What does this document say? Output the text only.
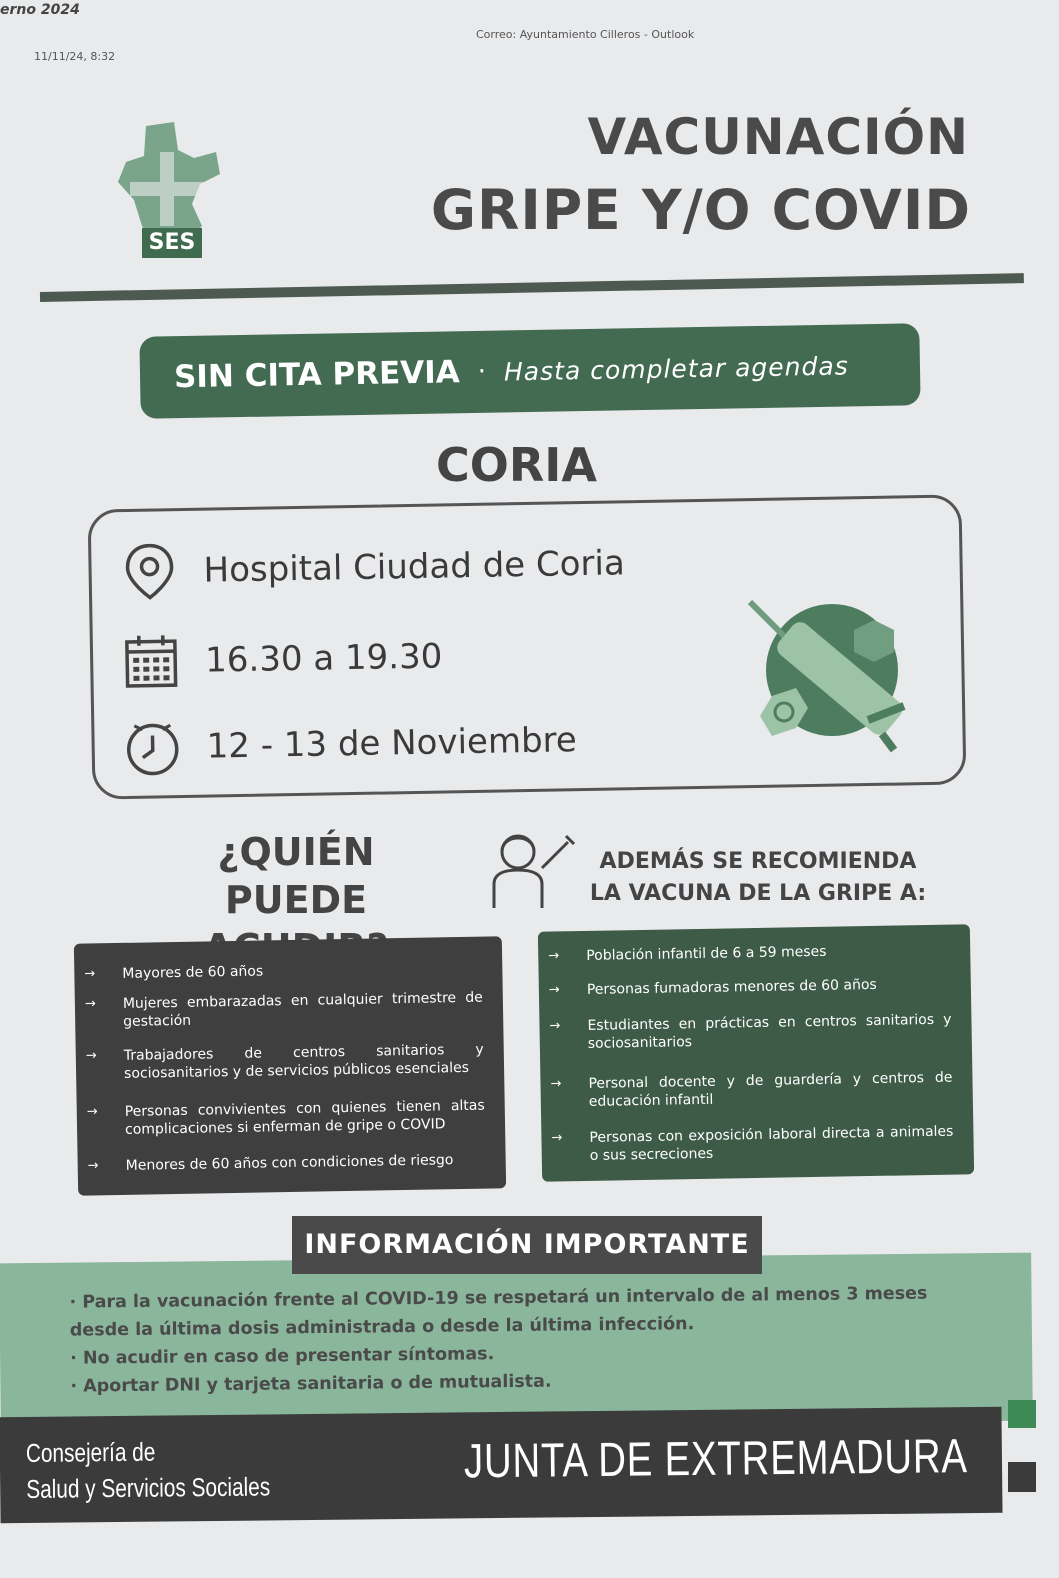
erno 2024
11/11/24, 8:32
Correo: Ayuntamiento Cilleros - Outlook
SES
VACUNACIÓN
GRIPE Y/O COVID
SIN CITA PREVIA · Hasta completar agendas
CORIA
Hospital Ciudad de Coria
16.30 a 19.30
12 - 13 de Noviembre
¿QUIÉN PUEDE
ADEMÁS SE RECOMIENDA
LA VACUNA DE LA GRIPE A:
→ Mayores de 60 años
→ Mujeres embarazadas en cualquier trimestre de gestación
→ Trabajadores de centros sanitarios y sociosanitarios y de servicios públicos esenciales
→ Personas convivientes con quienes tienen altas complicaciones si enferman de gripe o COVID
→ Menores de 60 años con condiciones de riesgo
→ Población infantil de 6 a 59 meses
→ Personas fumadoras menores de 60 años
→ Estudiantes en prácticas en centros sanitarios y sociosanitarios
→ Personal docente y de guardería y centros de educación infantil
→ Personas con exposición laboral directa a animales o sus secreciones
· Para la vacunación frente al COVID-19 se respetará un intervalo de al menos 3 meses desde la última dosis administrada o desde la última infección.
· No acudir en caso de presentar síntomas.
· Aportar DNI y tarjeta sanitaria o de mutualista.
INFORMACIÓN IMPORTANTE
Consejería de
Salud y Servicios Sociales	JUNTA DE EXTREMADURA
